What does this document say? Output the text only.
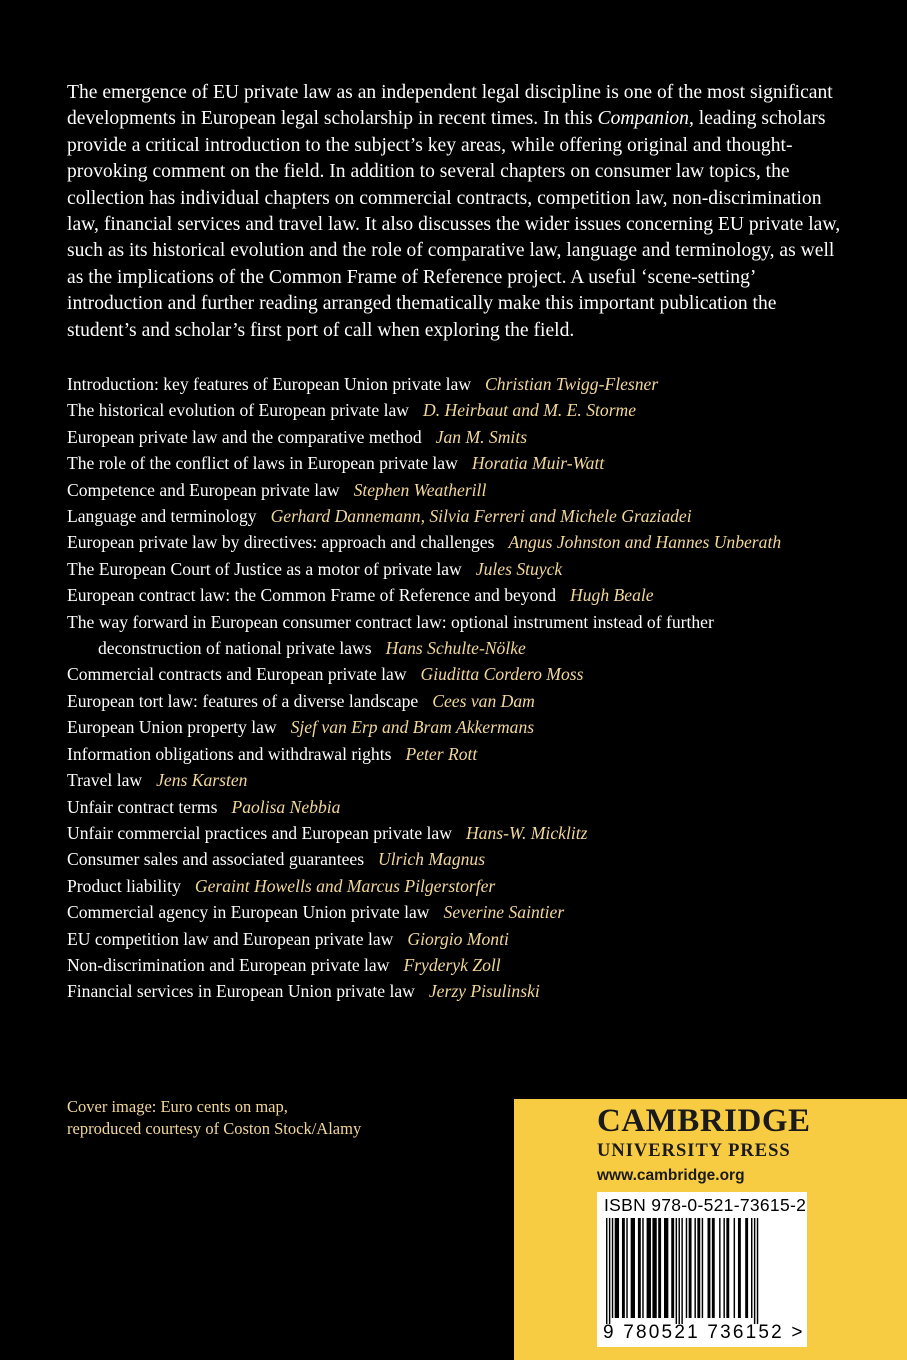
The emergence of EU private law as an independent legal discipline is one of the most significant developments in European legal scholarship in recent times. In this Companion, leading scholars provide a critical introduction to the subject’s key areas, while offering original and thought-provoking comment on the field. In addition to several chapters on consumer law topics, the collection has individual chapters on commercial contracts, competition law, non-discrimination law, financial services and travel law. It also discusses the wider issues concerning EU private law, such as its historical evolution and the role of comparative law, language and terminology, as well as the implications of the Common Frame of Reference project. A useful ‘scene-setting’ introduction and further reading arranged thematically make this important publication the student’s and scholar’s first port of call when exploring the field.
Introduction: key features of European Union private law Christian Twigg-Flesner
The historical evolution of European private law D. Heirbaut and M. E. Storme
European private law and the comparative method Jan M. Smits
The role of the conflict of laws in European private law Horatia Muir-Watt
Competence and European private law Stephen Weatherill
Language and terminology Gerhard Dannemann, Silvia Ferreri and Michele Graziadei
European private law by directives: approach and challenges Angus Johnston and Hannes Unberath
The European Court of Justice as a motor of private law Jules Stuyck
European contract law: the Common Frame of Reference and beyond Hugh Beale
The way forward in European consumer contract law: optional instrument instead of further
deconstruction of national private laws Hans Schulte-Nölke
Commercial contracts and European private law Giuditta Cordero Moss
European tort law: features of a diverse landscape Cees van Dam
European Union property law Sjef van Erp and Bram Akkermans
Information obligations and withdrawal rights Peter Rott
Travel law Jens Karsten
Unfair contract terms Paolisa Nebbia
Unfair commercial practices and European private law Hans-W. Micklitz
Consumer sales and associated guarantees Ulrich Magnus
Product liability Geraint Howells and Marcus Pilgerstorfer
Commercial agency in European Union private law Severine Saintier
EU competition law and European private law Giorgio Monti
Non-discrimination and European private law Fryderyk Zoll
Financial services in European Union private law Jerzy Pisulinski
Cover image: Euro cents on map,
reproduced courtesy of Coston Stock/Alamy	CAMBRIDGE
UNIVERSITY PRESS
www.cambridge.org
ISBN 978-0-521-73615-2
9 780521 736152 >
